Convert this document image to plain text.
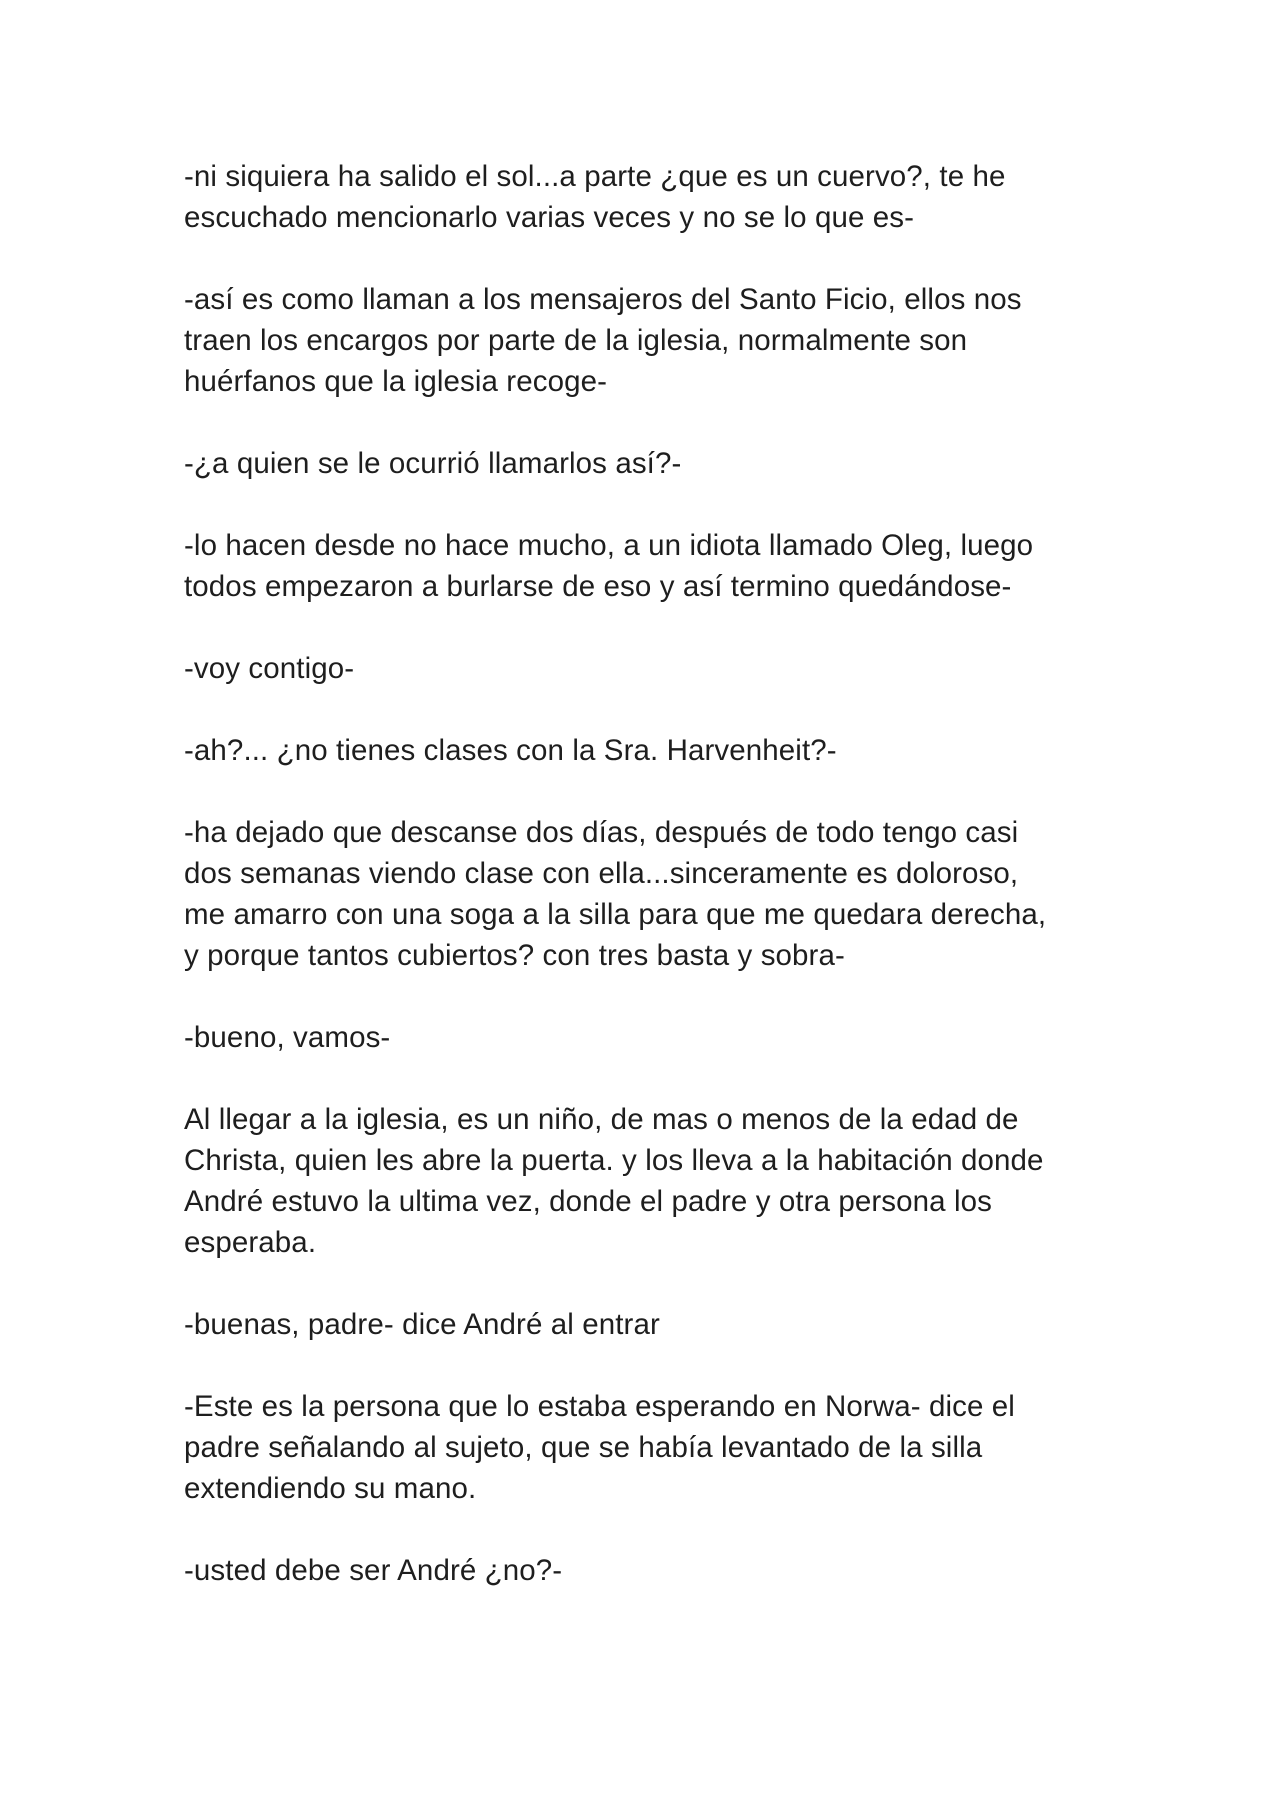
-ni siquiera ha salido el sol...a parte ¿que es un cuervo?, te he
escuchado mencionarlo varias veces y no se lo que es-

-así es como llaman a los mensajeros del Santo Ficio, ellos nos
traen los encargos por parte de la iglesia, normalmente son
huérfanos que la iglesia recoge-

-¿a quien se le ocurrió llamarlos así?-

-lo hacen desde no hace mucho, a un idiota llamado Oleg, luego
todos empezaron a burlarse de eso y así termino quedándose-

-voy contigo-

-ah?... ¿no tienes clases con la Sra. Harvenheit?-

-ha dejado que descanse dos días, después de todo tengo casi
dos semanas viendo clase con ella...sinceramente es doloroso,
me amarro con una soga a la silla para que me quedara derecha,
y porque tantos cubiertos? con tres basta y sobra-

-bueno, vamos-

Al llegar a la iglesia, es un niño, de mas o menos de la edad de
Christa, quien les abre la puerta. y los lleva a la habitación donde
André estuvo la ultima vez, donde el padre y otra persona los
esperaba.

-buenas, padre- dice André al entrar

-Este es la persona que lo estaba esperando en Norwa- dice el
padre señalando al sujeto, que se había levantado de la silla
extendiendo su mano.

-usted debe ser André ¿no?-
